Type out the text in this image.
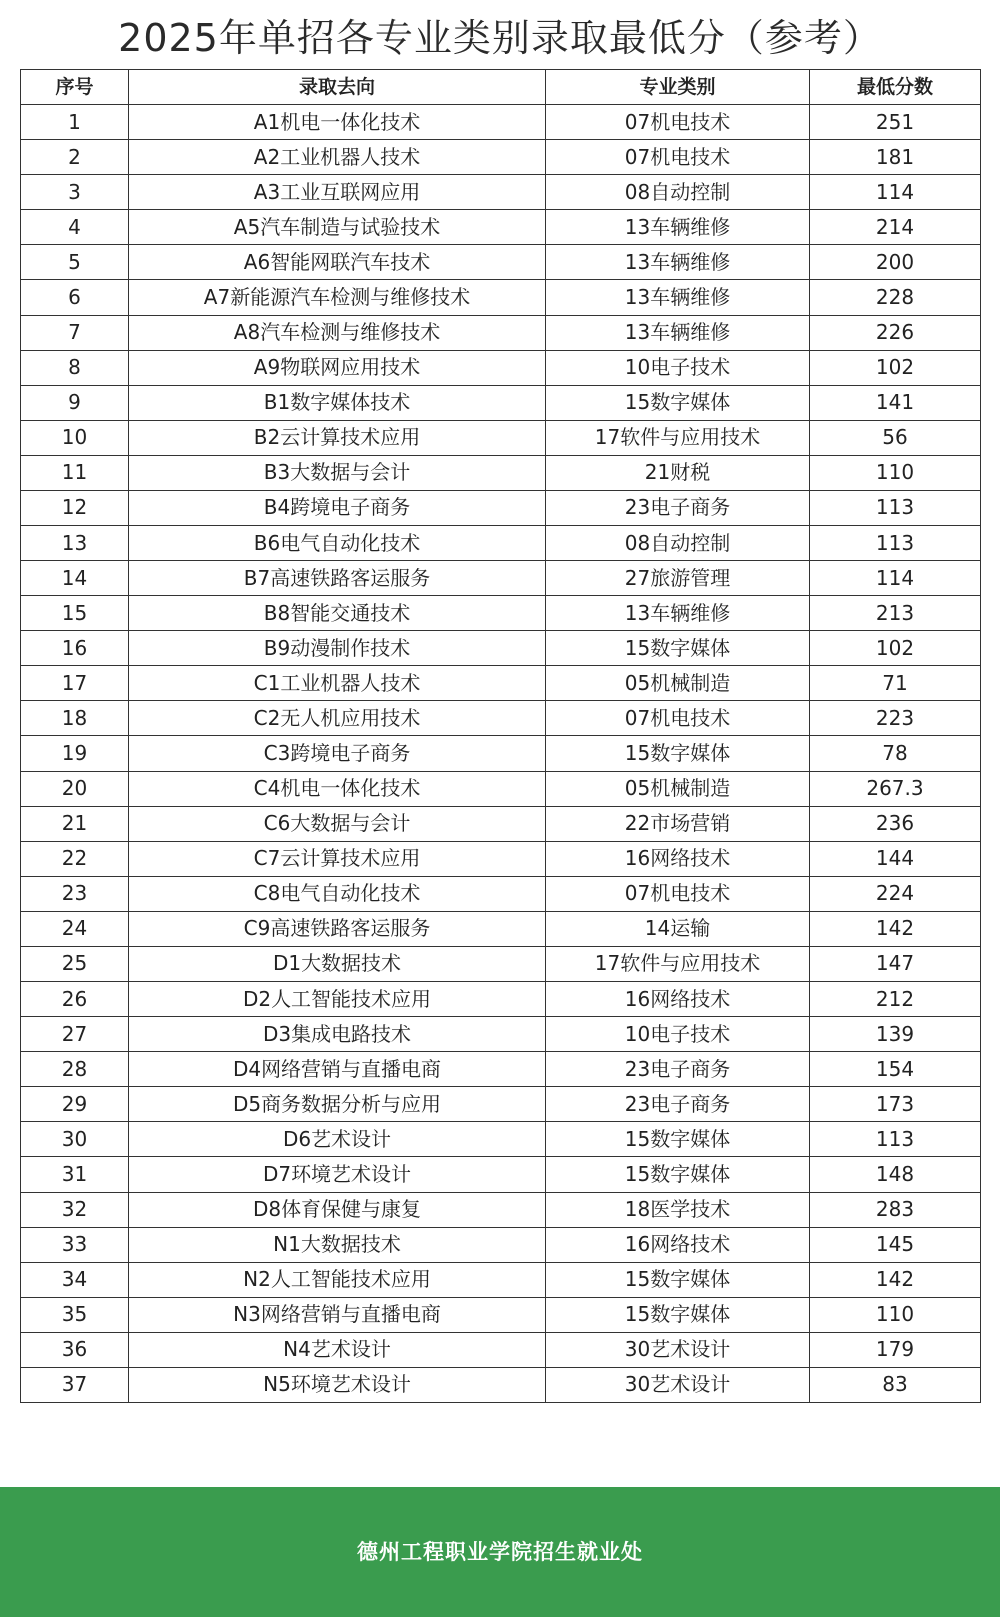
2025年单招各专业类别录取最低分（参考）
序号	录取去向	专业类别	最低分数
1	A1机电一体化技术	07机电技术	251
2	A2工业机器人技术	07机电技术	181
3	A3工业互联网应用	08自动控制	114
4	A5汽车制造与试验技术	13车辆维修	214
5	A6智能网联汽车技术	13车辆维修	200
6	A7新能源汽车检测与维修技术	13车辆维修	228
7	A8汽车检测与维修技术	13车辆维修	226
8	A9物联网应用技术	10电子技术	102
9	B1数字媒体技术	15数字媒体	141
10	B2云计算技术应用	17软件与应用技术	56
11	B3大数据与会计	21财税	110
12	B4跨境电子商务	23电子商务	113
13	B6电气自动化技术	08自动控制	113
14	B7高速铁路客运服务	27旅游管理	114
15	B8智能交通技术	13车辆维修	213
16	B9动漫制作技术	15数字媒体	102
17	C1工业机器人技术	05机械制造	71
18	C2无人机应用技术	07机电技术	223
19	C3跨境电子商务	15数字媒体	78
20	C4机电一体化技术	05机械制造	267.3
21	C6大数据与会计	22市场营销	236
22	C7云计算技术应用	16网络技术	144
23	C8电气自动化技术	07机电技术	224
24	C9高速铁路客运服务	14运输	142
25	D1大数据技术	17软件与应用技术	147
26	D2人工智能技术应用	16网络技术	212
27	D3集成电路技术	10电子技术	139
28	D4网络营销与直播电商	23电子商务	154
29	D5商务数据分析与应用	23电子商务	173
30	D6艺术设计	15数字媒体	113
31	D7环境艺术设计	15数字媒体	148
32	D8体育保健与康复	18医学技术	283
33	N1大数据技术	16网络技术	145
34	N2人工智能技术应用	15数字媒体	142
35	N3网络营销与直播电商	15数字媒体	110
36	N4艺术设计	30艺术设计	179
37	N5环境艺术设计	30艺术设计	83
德州工程职业学院招生就业处
